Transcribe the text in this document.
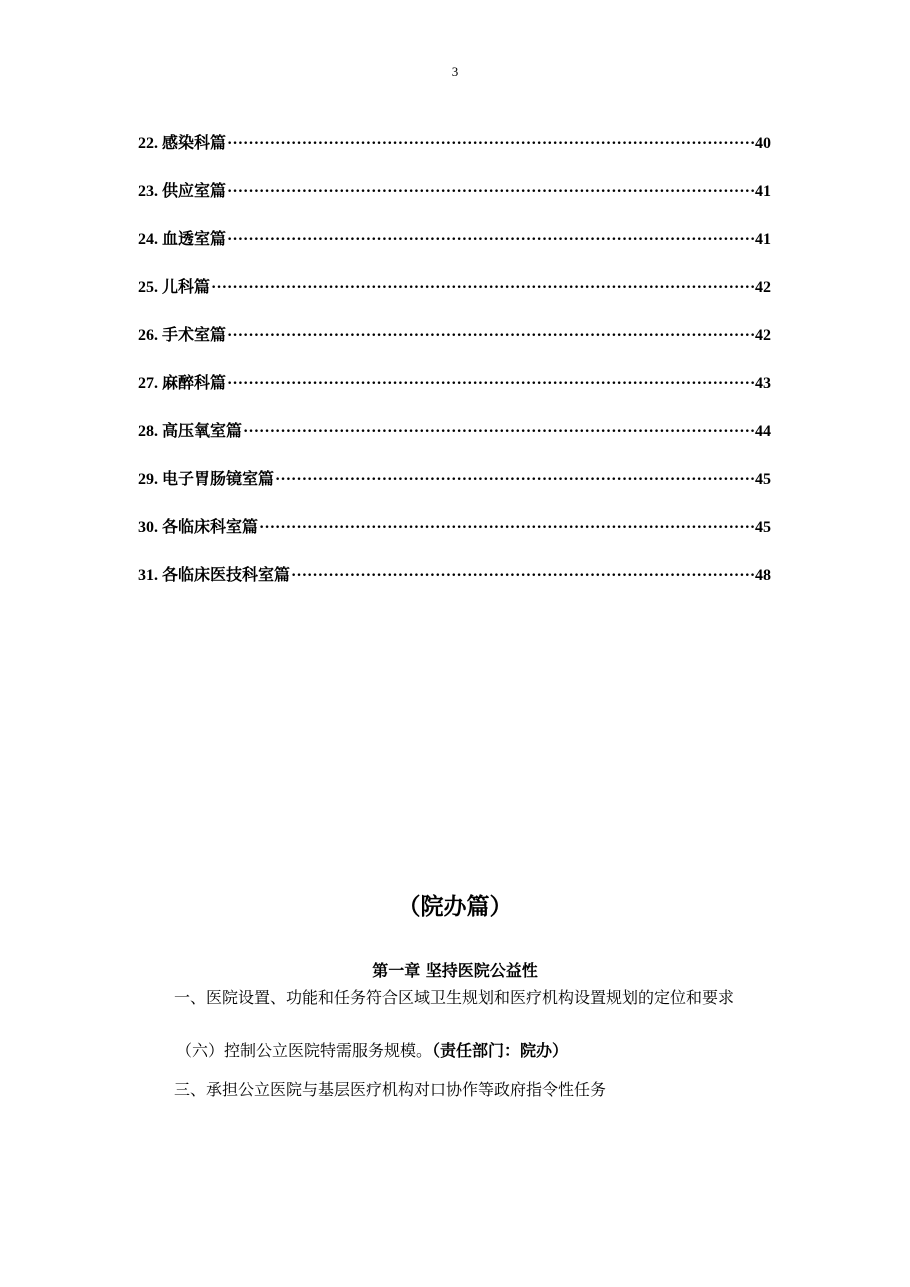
3
22. 感染科篇 ·····	40
23. 供应室篇 ·····	41
24. 血透室篇 ·····	41
25. 儿科篇 ·····	42
26. 手术室篇 ·····	42
27. 麻醉科篇 ·····	43
28. 高压氧室篇 ·····	44
29. 电子胃肠镜室篇 ·····	45
30. 各临床科室篇 ·····	45
31. 各临床医技科室篇 ·····	48
（院办篇）
第一章 坚持医院公益性
一、医院设置、功能和任务符合区域卫生规划和医疗机构设置规划的定位和要求
（六）控制公立医院特需服务规模。（责任部门：院办）
三、承担公立医院与基层医疗机构对口协作等政府指令性任务
